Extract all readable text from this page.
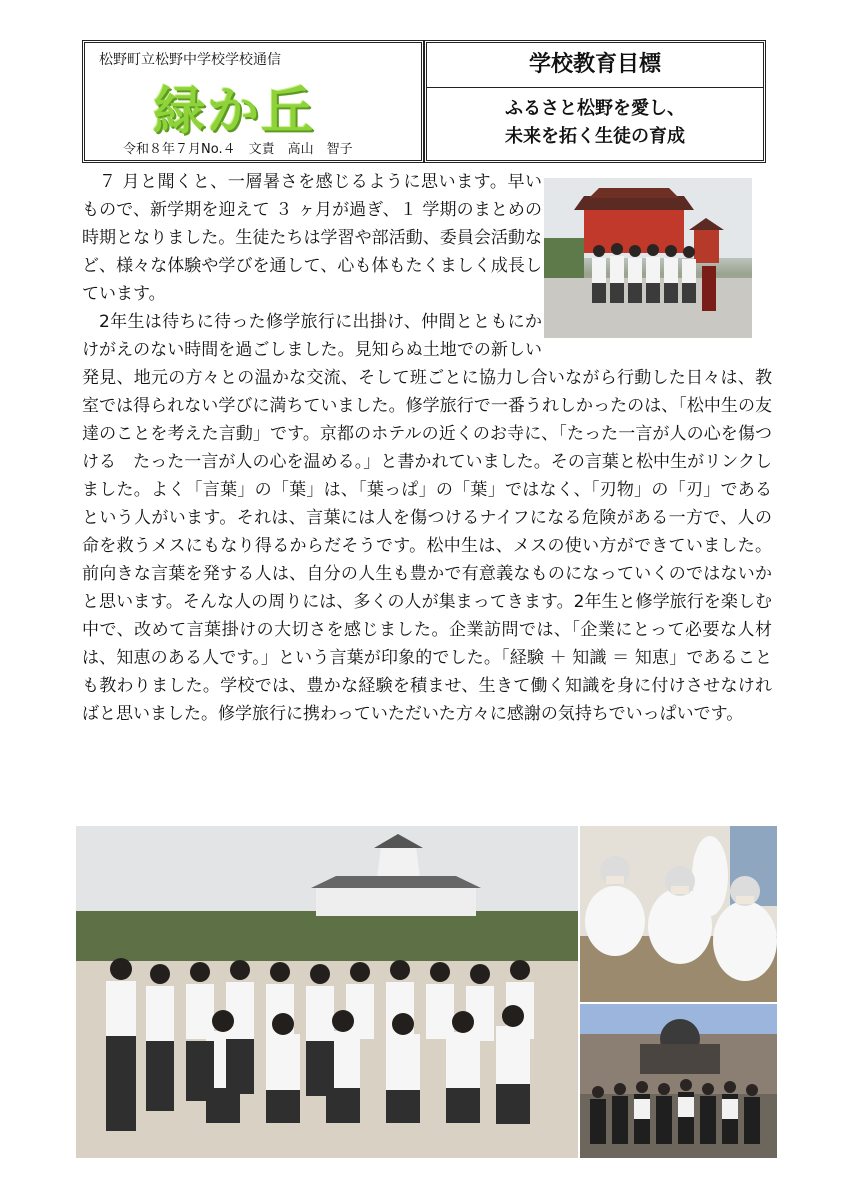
松野町立松野中学校学校通信
緑か丘
令和８年７月No.４　文責　高山　智子
学校教育目標
ふるさと松野を愛し、
未来を拓く生徒の育成

７ 月と聞くと、一層暑さを感じるように思います。早いもので、新学期を迎えて ３ ヶ月が過ぎ、１ 学期のまとめの時期となりました。生徒たちは学習や部活動、委員会活動など、様々な体験や学びを通して、心も体もたくましく成長しています。

2年生は待ちに待った修学旅行に出掛け、仲間とともにかけがえのない時間を過ごしました。見知らぬ土地での新しい発見、地元の方々との温かな交流、そして班ごとに協力し合いながら行動した日々は、教室では得られない学びに満ちていました。修学旅行で一番うれしかったのは、「松中生の友達のことを考えた言動」です。京都のホテルの近くのお寺に、「たった一言が人の心を傷つける　たった一言が人の心を温める。」と書かれていました。その言葉と松中生がリンクしました。よく「言葉」の「葉」は、「葉っぱ」の「葉」ではなく、「刃物」の「刃」であるという人がいます。それは、言葉には人を傷つけるナイフになる危険がある一方で、人の命を救うメスにもなり得るからだそうです。松中生は、メスの使い方ができていました。前向きな言葉を発する人は、自分の人生も豊かで有意義なものになっていくのではないかと思います。そんな人の周りには、多くの人が集まってきます。2年生と修学旅行を楽しむ中で、改めて言葉掛けの大切さを感じました。企業訪問では、「企業にとって必要な人材は、知恵のある人です。」という言葉が印象的でした。「経験 ＋ 知識 ＝ 知恵」であることも教わりました。学校では、豊かな経験を積ませ、生きて働く知識を身に付けさせなければと思いました。修学旅行に携わっていただいた方々に感謝の気持ちでいっぱいです。
